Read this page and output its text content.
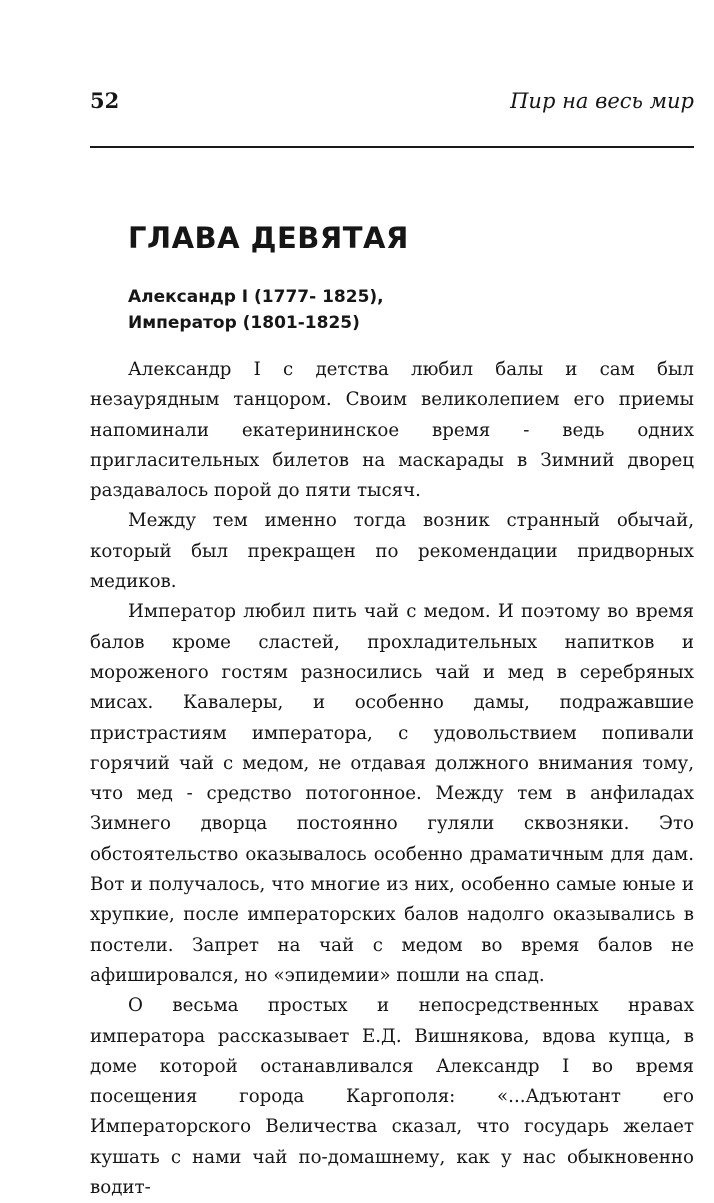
52	Пир на весь мир
ГЛАВА ДЕВЯТАЯ
Александр I (1777- 1825),
Император (1801-1825)

Александр I с детства любил балы и сам был незаурядным танцором. Своим великолепием его приемы напоминали екатерининское время - ведь одних пригласительных билетов на маскарады в Зимний дворец раздавалось порой до пяти тысяч.

Между тем именно тогда возник странный обычай, который был прекращен по рекомендации придворных медиков.

Император любил пить чай с медом. И поэтому во время балов кроме сластей, прохладительных напитков и мороженого гостям разносились чай и мед в серебряных мисах. Кавалеры, и особенно дамы, подражавшие пристрастиям императора, с удовольствием попивали горячий чай с медом, не отдавая должного внимания тому, что мед - средство потогонное. Между тем в анфиладах Зимнего дворца постоянно гуляли сквозняки. Это обстоятельство оказывалось особенно драматичным для дам. Вот и получалось, что многие из них, особенно самые юные и хрупкие, после императорских балов надолго оказывались в постели. Запрет на чай с медом во время балов не афишировался, но «эпидемии» пошли на спад.

О весьма простых и непосредственных нравах императора рассказывает Е.Д. Вишнякова, вдова купца, в доме которой останавливался Александр I во время посещения города Каргополя: «...Адъютант его Императорского Величества сказал, что государь желает кушать с нами чай по-домашнему, как у нас обыкновенно водит-
